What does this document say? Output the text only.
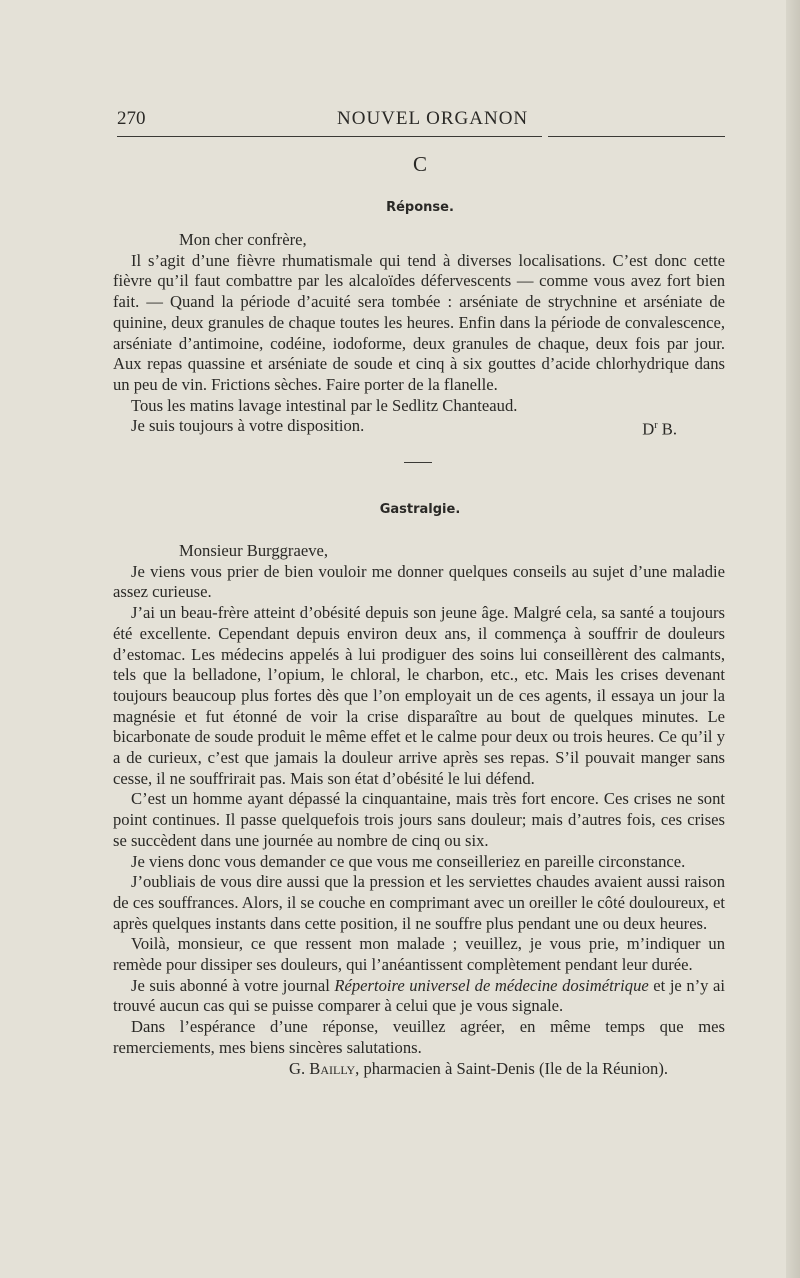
270	NOUVEL ORGANON
C
Réponse.

Mon cher confrère,

Il s’agit d’une fièvre rhumatismale qui tend à diverses localisations. C’est donc cette fièvre qu’il faut combattre par les alcaloïdes défervescents — comme vous avez fort bien fait. — Quand la période d’acuité sera tombée : arséniate de strychnine et arséniate de quinine, deux granules de chaque toutes les heures. Enfin dans la période de convalescence, arséniate d’antimoine, codéine, iodoforme, deux granules de chaque, deux fois par jour. Aux repas quassine et arséniate de soude et cinq à six gouttes d’acide chlorhydrique dans un peu de vin. Frictions sèches. Faire porter de la flanelle.

Tous les matins lavage intestinal par le Sedlitz Chanteaud.

Je suis toujours à votre disposition.	$D^r$ B.

Gastralgie.

Monsieur Burggraeve,

Je viens vous prier de bien vouloir me donner quelques conseils au sujet d’une maladie assez curieuse.

J’ai un beau-frère atteint d’obésité depuis son jeune âge. Malgré cela, sa santé a toujours été excellente. Cependant depuis environ deux ans, il commença à souffrir de douleurs d’estomac. Les médecins appelés à lui prodiguer des soins lui conseillèrent des calmants, tels que la belladone, l’opium, le chloral, le charbon, etc., etc. Mais les crises devenant toujours beaucoup plus fortes dès que l’on employait un de ces agents, il essaya un jour la magnésie et fut étonné de voir la crise disparaître au bout de quelques minutes. Le bicarbonate de soude produit le même effet et le calme pour deux ou trois heures. Ce qu’il y a de curieux, c’est que jamais la douleur arrive après ses repas. S’il pouvait manger sans cesse, il ne souffrirait pas. Mais son état d’obésité le lui défend.

C’est un homme ayant dépassé la cinquantaine, mais très fort encore. Ces crises ne sont point continues. Il passe quelquefois trois jours sans douleur; mais d’autres fois, ces crises se succèdent dans une journée au nombre de cinq ou six.

Je viens donc vous demander ce que vous me conseilleriez en pareille circonstance.

J’oubliais de vous dire aussi que la pression et les serviettes chaudes avaient aussi raison de ces souffrances. Alors, il se couche en comprimant avec un oreiller le côté douloureux, et après quelques instants dans cette position, il ne souffre plus pendant une ou deux heures.

Voilà, monsieur, ce que ressent mon malade ; veuillez, je vous prie, m’indiquer un remède pour dissiper ses douleurs, qui l’anéantissent complètement pendant leur durée.

Je suis abonné à votre journal Répertoire universel de médecine dosimétrique et je n’y ai trouvé aucun cas qui se puisse comparer à celui que je vous signale.

Dans l’espérance d’une réponse, veuillez agréer, en même temps que mes remerciements, mes biens sincères salutations.

G. Bailly, pharmacien à Saint-Denis (Ile de la Réunion).
